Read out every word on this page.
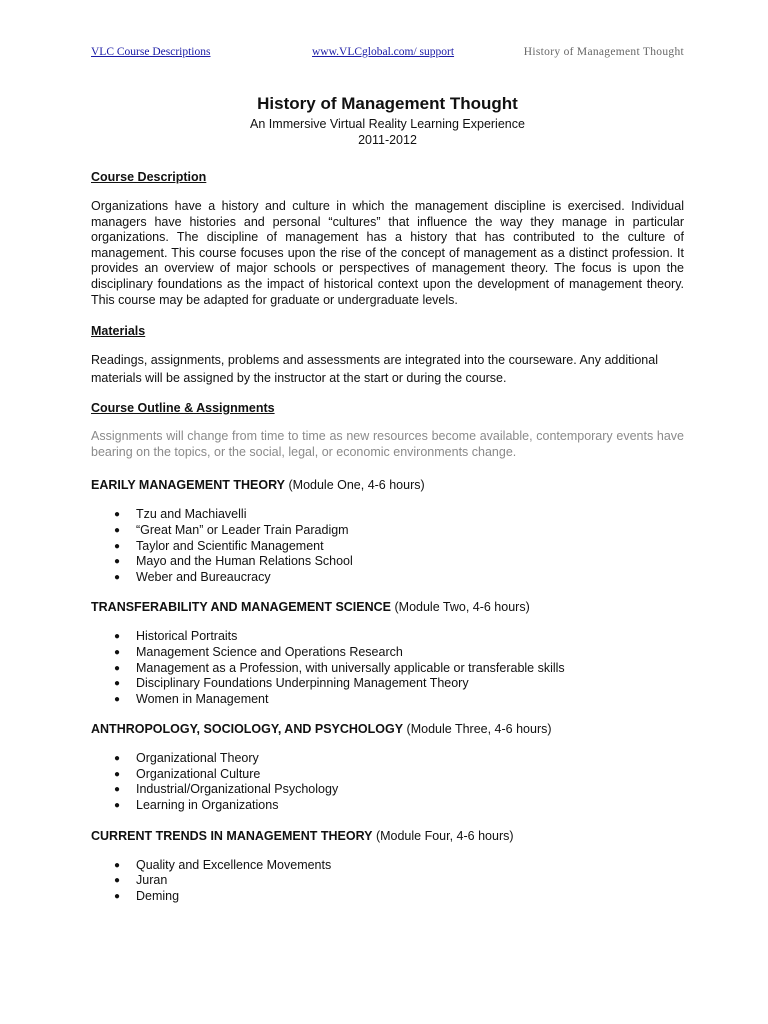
VLC Course Descriptions	www.VLCglobal.com/ support	History of Management Thought
History of Management Thought

An Immersive Virtual Reality Learning Experience

2011-2012

Course Description

Organizations have a history and culture in which the management discipline is exercised. Individual managers have histories and personal “cultures” that influence the way they manage in particular organizations. The discipline of management has a history that has contributed to the culture of management. This course focuses upon the rise of the concept of management as a distinct profession. It provides an overview of major schools or perspectives of management theory. The focus is upon the disciplinary foundations as the impact of historical context upon the development of management theory. This course may be adapted for graduate or undergraduate levels.

Materials

Readings, assignments, problems and assessments are integrated into the courseware. Any additional materials will be assigned by the instructor at the start or during the course.

Course Outline & Assignments

Assignments will change from time to time as new resources become available, contemporary events have bearing on the topics, or the social, legal, or economic environments change.

EARILY MANAGEMENT THEORY (Module One, 4-6 hours)

● Tzu and Machiavelli
● “Great Man” or Leader Train Paradigm
● Taylor and Scientific Management
● Mayo and the Human Relations School
● Weber and Bureaucracy

TRANSFERABILITY AND MANAGEMENT SCIENCE (Module Two, 4-6 hours)

● Historical Portraits
● Management Science and Operations Research
● Management as a Profession, with universally applicable or transferable skills
● Disciplinary Foundations Underpinning Management Theory
● Women in Management

ANTHROPOLOGY, SOCIOLOGY, AND PSYCHOLOGY (Module Three, 4-6 hours)

● Organizational Theory
● Organizational Culture
● Industrial/Organizational Psychology
● Learning in Organizations

CURRENT TRENDS IN MANAGEMENT THEORY (Module Four, 4-6 hours)

● Quality and Excellence Movements
● Juran
● Deming
